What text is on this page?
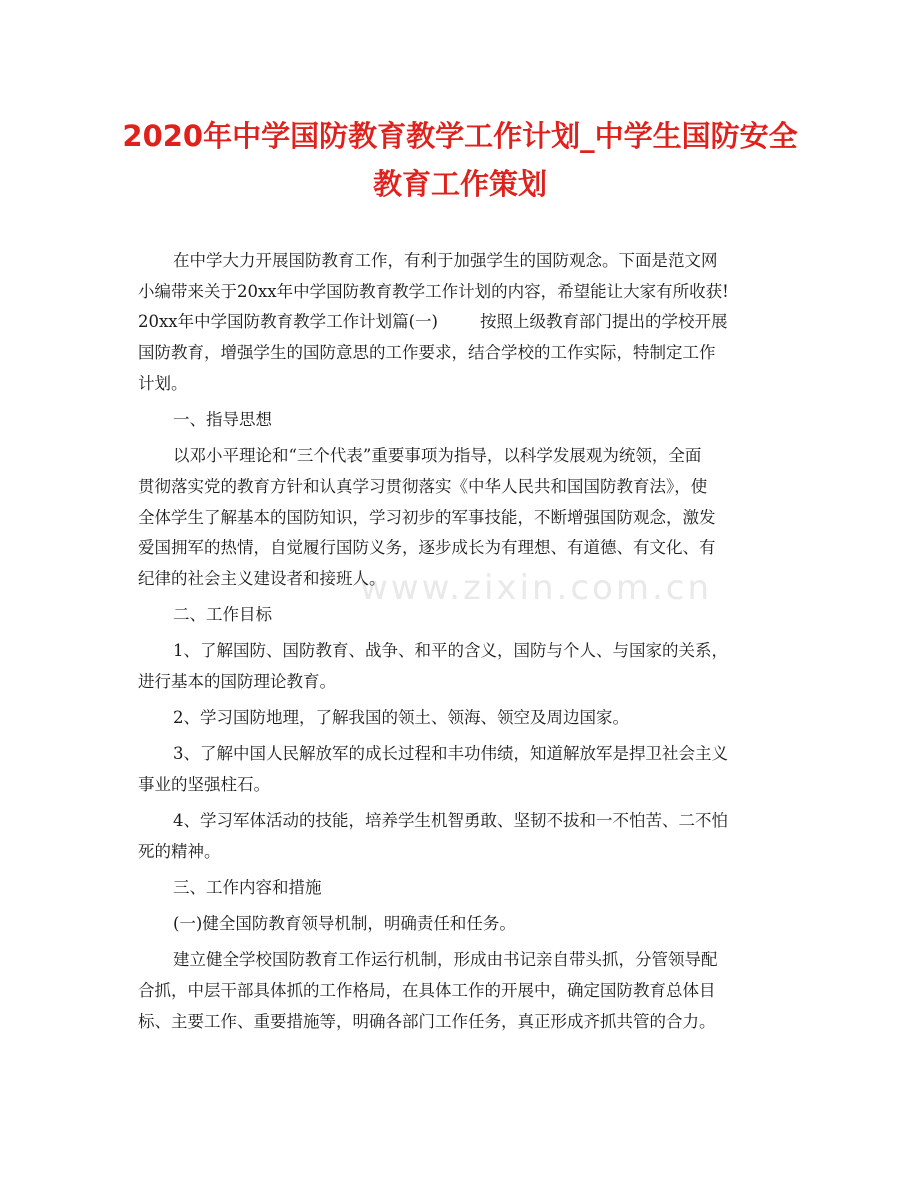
2020年中学国防教育教学工作计划_中学生国防安全
教育工作策划
www.zixin.com.cn
在中学大力开展国防教育工作，有利于加强学生的国防观念。下面是范文网
小编带来关于20xx年中学国防教育教学工作计划的内容，希望能让大家有所收获!
20xx年中学国防教育教学工作计划篇(一)        按照上级教育部门提出的学校开展
国防教育，增强学生的国防意思的工作要求，结合学校的工作实际，特制定工作
计划。
一、指导思想
以邓小平理论和“三个代表”重要事项为指导，以科学发展观为统领，全面
贯彻落实党的教育方针和认真学习贯彻落实《中华人民共和国国防教育法》，使
全体学生了解基本的国防知识，学习初步的军事技能，不断增强国防观念，激发
爱国拥军的热情，自觉履行国防义务，逐步成长为有理想、有道德、有文化、有
纪律的社会主义建设者和接班人。
二、工作目标
1、了解国防、国防教育、战争、和平的含义，国防与个人、与国家的关系，
进行基本的国防理论教育。
2、学习国防地理，了解我国的领土、领海、领空及周边国家。
3、了解中国人民解放军的成长过程和丰功伟绩，知道解放军是捍卫社会主义
事业的坚强柱石。
4、学习军体活动的技能，培养学生机智勇敢、坚韧不拔和一不怕苦、二不怕
死的精神。
三、工作内容和措施
(一)健全国防教育领导机制，明确责任和任务。
建立健全学校国防教育工作运行机制，形成由书记亲自带头抓，分管领导配
合抓，中层干部具体抓的工作格局，在具体工作的开展中，确定国防教育总体目
标、主要工作、重要措施等，明确各部门工作任务，真正形成齐抓共管的合力。
